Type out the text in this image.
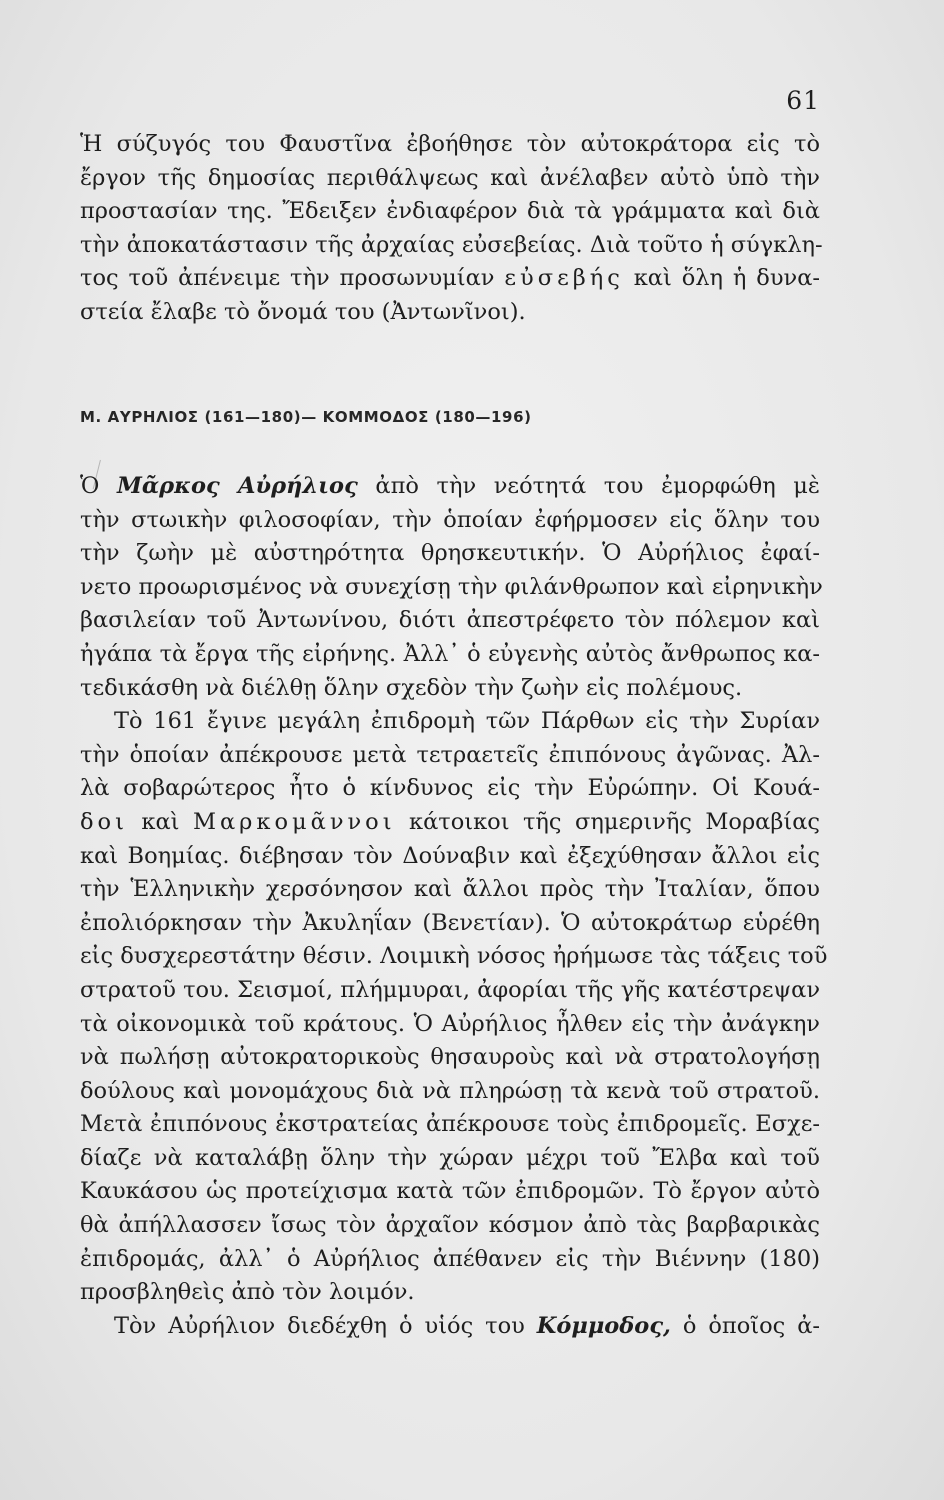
61
Ἡ σύζυγός του Φαυστῖνα ἐβοήθησε τὸν αὐτοκράτορα εἰς τὸ
ἔργον τῆς δημοσίας περιθάλψεως καὶ ἀνέλαβεν αὐτὸ ὑπὸ τὴν
προστασίαν της. Ἔδειξεν ἐνδιαφέρον διὰ τὰ γράμματα καὶ διὰ
τὴν ἀποκατάστασιν τῆς ἀρχαίας εὐσεβείας. Διὰ τοῦτο ἡ σύγκλη-
τος τοῦ ἀπένειμε τὴν προσωνυμίαν εὐσεβής καὶ ὅλη ἡ δυνα-
στεία ἔλαβε τὸ ὄνομά του (Ἀντωνῖνοι).
Μ. ΑΥΡΗΛΙΟΣ (161—180)— ΚΟΜΜΟΔΟΣ (180—196)
Ὁ Μᾶρκος Αὐρήλιος ἀπὸ τὴν νεότητά του ἐμορφώθη μὲ
τὴν στωικὴν φιλοσοφίαν, τὴν ὁποίαν ἐφήρμοσεν εἰς ὅλην του
τὴν ζωὴν μὲ αὐστηρότητα θρησκευτικήν. Ὁ Αὐρήλιος ἐφαί-
νετο προωρισμένος νὰ συνεχίσῃ τὴν φιλάνθρωπον καὶ εἰρηνικὴν
βασιλείαν τοῦ Ἀντωνίνου, διότι ἀπεστρέφετο τὸν πόλεμον καὶ
ἠγάπα τὰ ἔργα τῆς εἰρήνης. Ἀλλ᾽ ὁ εὐγενὴς αὐτὸς ἄνθρωπος κα-
τεδικάσθη νὰ διέλθῃ ὅλην σχεδὸν τὴν ζωὴν εἰς πολέμους.
Τὸ 161 ἔγινε μεγάλη ἐπιδρομὴ τῶν Πάρθων εἰς τὴν Συρίαν
τὴν ὁποίαν ἀπέκρουσε μετὰ τετραετεῖς ἐπιπόνους ἀγῶνας. Ἀλ-
λὰ σοβαρώτερος ἦτο ὁ κίνδυνος εἰς τὴν Εὐρώπην. Οἱ Κουά-
δοι καὶ Μαρκομᾶννοι κάτοικοι τῆς σημερινῆς Μοραβίας
καὶ Βοημίας. διέβησαν τὸν Δούναβιν καὶ ἐξεχύθησαν ἄλλοι εἰς
τὴν Ἑλληνικὴν χερσόνησον καὶ ἄλλοι πρὸς τὴν Ἰταλίαν, ὅπου
ἐπολιόρκησαν τὴν Ἀκυληΐαν (Βενετίαν). Ὁ αὐτοκράτωρ εὑρέθη
εἰς δυσχερεστάτην θέσιν. Λοιμικὴ νόσος ἠρήμωσε τὰς τάξεις τοῦ
στρατοῦ του. Σεισμοί, πλήμμυραι, ἀφορίαι τῆς γῆς κατέστρεψαν
τὰ οἰκονομικὰ τοῦ κράτους. Ὁ Αὐρήλιος ἦλθεν εἰς τὴν ἀνάγκην
νὰ πωλήσῃ αὐτοκρατορικοὺς θησαυροὺς καὶ νὰ στρατολογήσῃ
δούλους καὶ μονομάχους διὰ νὰ πληρώσῃ τὰ κενὰ τοῦ στρατοῦ.
Μετὰ ἐπιπόνους ἐκστρατείας ἀπέκρουσε τοὺς ἐπιδρομεῖς. Εσχε-
δίαζε νὰ καταλάβῃ ὅλην τὴν χώραν μέχρι τοῦ Ἔλβα καὶ τοῦ
Καυκάσου ὡς προτείχισμα κατὰ τῶν ἐπιδρομῶν. Τὸ ἔργον αὐτὸ
θὰ ἀπήλλασσεν ἴσως τὸν ἀρχαῖον κόσμον ἀπὸ τὰς βαρβαρικὰς
ἐπιδρομάς, ἀλλ᾽ ὁ Αὐρήλιος ἀπέθανεν εἰς τὴν Βιέννην (180)
προσβληθεὶς ἀπὸ τὸν λοιμόν.
Τὸν Αὐρήλιον διεδέχθη ὁ υἱός του Κόμμοδος, ὁ ὁποῖος ἀ-
